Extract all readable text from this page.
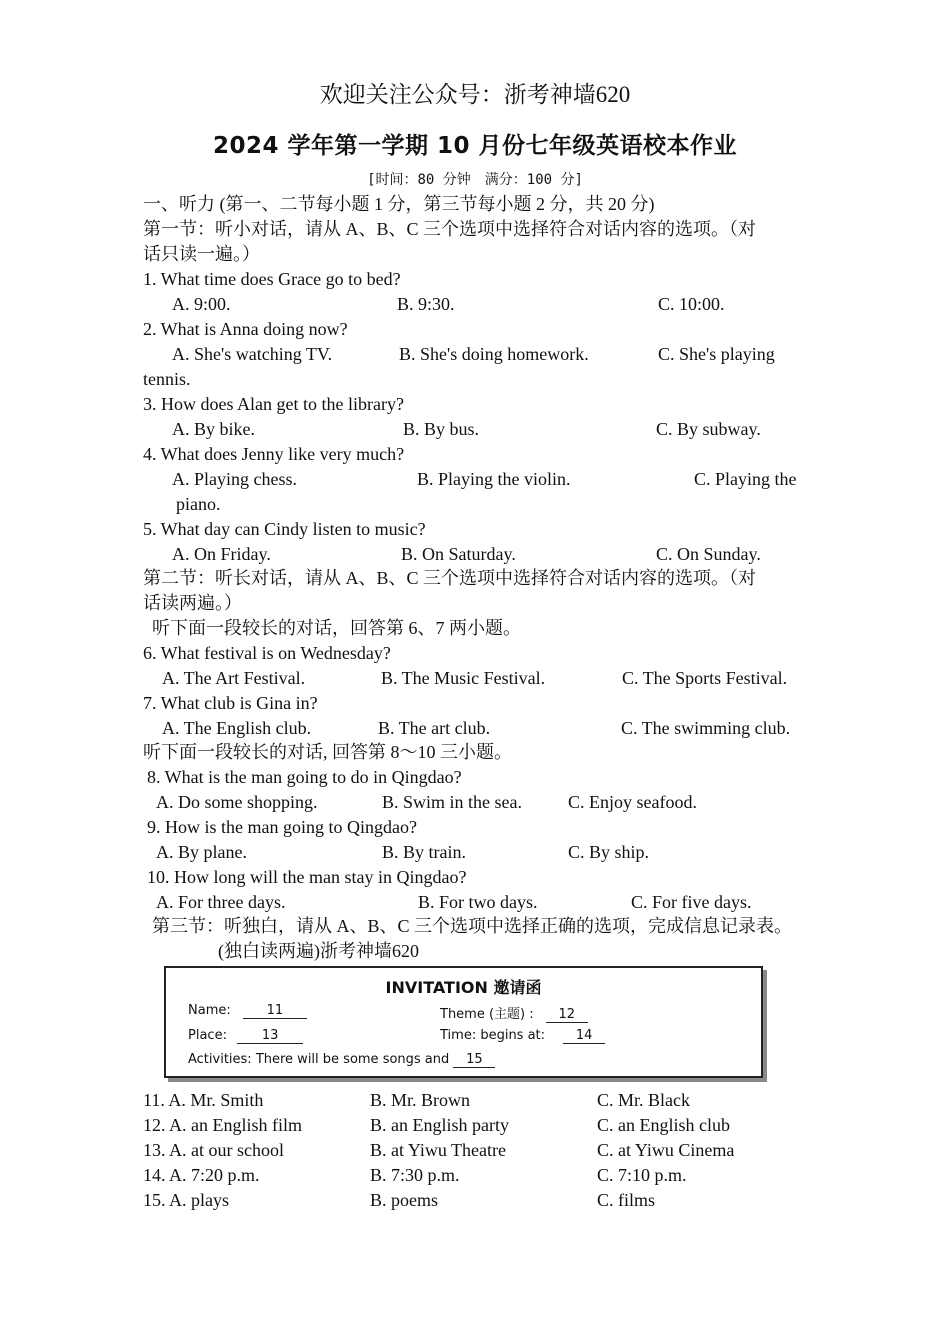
欢迎关注公众号：浙考神墙620
2024 学年第一学期 10 月份七年级英语校本作业
[时间：80 分钟　满分：100 分]
一、听力 (第一、二节每小题 1 分，第三节每小题 2 分，共 20 分)
第一节：听小对话，请从 A、B、C 三个选项中选择符合对话内容的选项。（对
话只读一遍。）
1. What time does Grace go to bed?
A. 9:00.	B. 9:30.	C. 10:00.
2. What is Anna doing now?
A. She's watching TV.	B. She's doing homework.	C. She's playing
tennis.
3. How does Alan get to the library?
A. By bike.	B. By bus.	C. By subway.
4. What does Jenny like very much?
A. Playing chess.	B. Playing the violin.	C. Playing the
piano.
5. What day can Cindy listen to music?
A. On Friday.	B. On Saturday.	C. On Sunday.
第二节：听长对话，请从 A、B、C 三个选项中选择符合对话内容的选项。（对
话读两遍。）
听下面一段较长的对话，回答第 6、7 两小题。
6. What festival is on Wednesday?
A. The Art Festival.	B. The Music Festival.	C. The Sports Festival.
7. What club is Gina in?
A. The English club.	B. The art club.	C. The swimming club.
听下面一段较长的对话, 回答第 8～10 三小题。
8. What is the man going to do in Qingdao?
A. Do some shopping.	B. Swim in the sea.	C. Enjoy seafood.
9. How is the man going to Qingdao?
A. By plane.	B. By train.	C. By ship.
10. How long will the man stay in Qingdao?
A. For three days.	B. For two days.	C. For five days.
第三节：听独白，请从 A、B、C 三个选项中选择正确的选项，完成信息记录表。
(独白读两遍)浙考神墙620
INVITATION 邀请函
Name:	11	Theme (主题) : 12
Place:	13	Time: begins at: 14
Activities: There will be some songs and 15
11. A. Mr. Smith	B. Mr. Brown	C. Mr. Black
12. A. an English film	B. an English party	C. an English club
13. A. at our school	B. at Yiwu Theatre	C. at Yiwu Cinema
14. A. 7:20 p.m.	B. 7:30 p.m.	C. 7:10 p.m.
15. A. plays	B. poems	C. films
